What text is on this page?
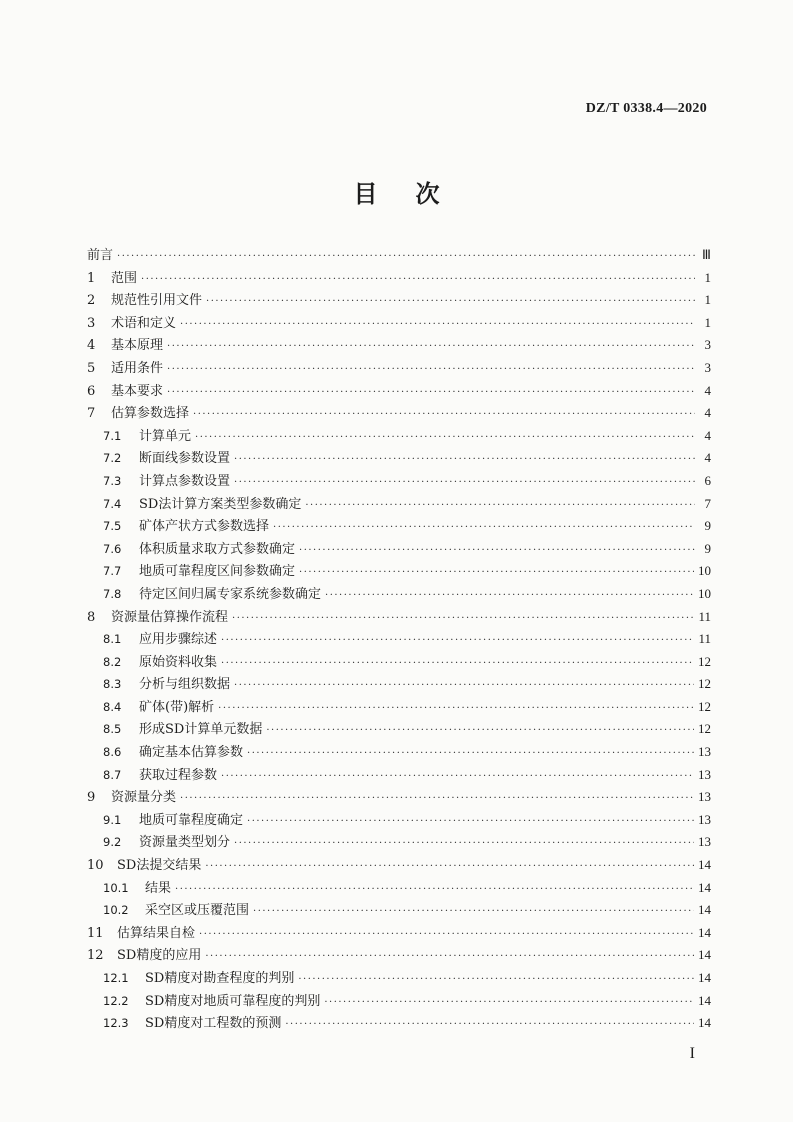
DZ/T 0338.4—2020
目 次
前言 ·····	Ⅲ
1	范围 ·····	1
2	规范性引用文件 ·····	1
3	术语和定义 ·····	1
4	基本原理 ·····	3
5	适用条件 ·····	3
6	基本要求 ·····	4
7	估算参数选择 ·····	4
7.1	计算单元 ·····	4
7.2	断面线参数设置 ·····	4
7.3	计算点参数设置 ·····	6
7.4	SD法计算方案类型参数确定 ·····	7
7.5	矿体产状方式参数选择 ·····	9
7.6	体积质量求取方式参数确定 ·····	9
7.7	地质可靠程度区间参数确定 ·····	10
7.8	待定区间归属专家系统参数确定 ·····	10
8	资源量估算操作流程 ·····	11
8.1	应用步骤综述 ·····	11
8.2	原始资料收集 ·····	12
8.3	分析与组织数据 ·····	12
8.4	矿体(带)解析 ·····	12
8.5	形成SD计算单元数据 ·····	12
8.6	确定基本估算参数 ·····	13
8.7	获取过程参数 ·····	13
9	资源量分类 ·····	13
9.1	地质可靠程度确定 ·····	13
9.2	资源量类型划分 ·····	13
10	SD法提交结果 ·····	14
10.1	结果 ·····	14
10.2	采空区或压覆范围 ·····	14
11	估算结果自检 ·····	14
12	SD精度的应用 ·····	14
12.1	SD精度对勘查程度的判别 ·····	14
12.2	SD精度对地质可靠程度的判别 ·····	14
12.3	SD精度对工程数的预测 ·····	14
I
